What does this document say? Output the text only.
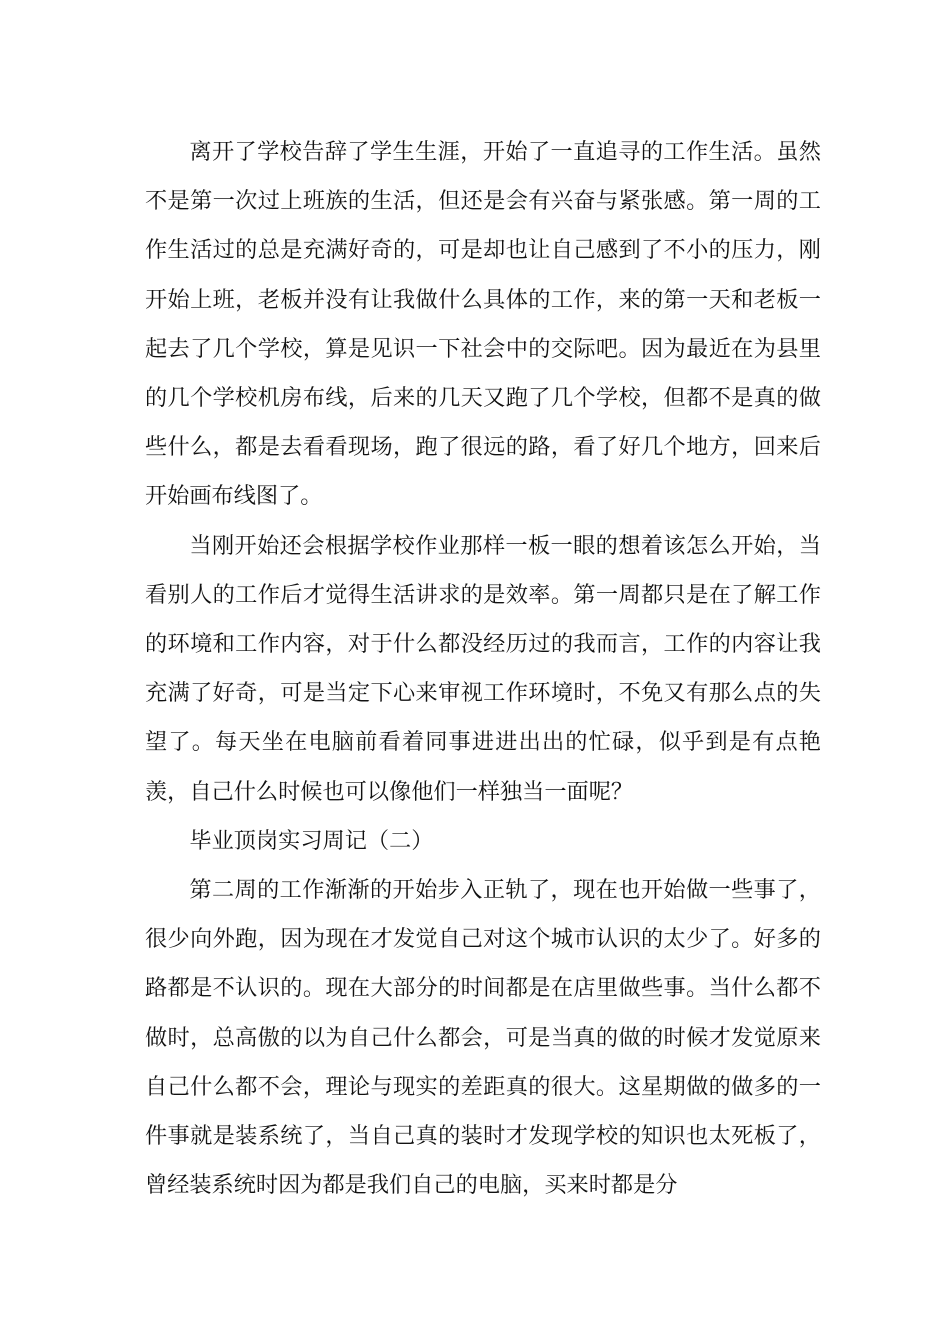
离开了学校告辞了学生生涯，开始了一直追寻的工作生活。虽然不是第一次过上班族的生活，但还是会有兴奋与紧张感。第一周的工作生活过的总是充满好奇的，可是却也让自己感到了不小的压力，刚开始上班，老板并没有让我做什么具体的工作，来的第一天和老板一起去了几个学校，算是见识一下社会中的交际吧。因为最近在为县里的几个学校机房布线，后来的几天又跑了几个学校，但都不是真的做些什么，都是去看看现场，跑了很远的路，看了好几个地方，回来后开始画布线图了。

当刚开始还会根据学校作业那样一板一眼的想着该怎么开始，当看别人的工作后才觉得生活讲求的是效率。第一周都只是在了解工作的环境和工作内容，对于什么都没经历过的我而言，工作的内容让我充满了好奇，可是当定下心来审视工作环境时，不免又有那么点的失望了。每天坐在电脑前看着同事进进出出的忙碌，似乎到是有点艳羡，自己什么时候也可以像他们一样独当一面呢？

毕业顶岗实习周记（二）

第二周的工作渐渐的开始步入正轨了，现在也开始做一些事了，很少向外跑，因为现在才发觉自己对这个城市认识的太少了。好多的路都是不认识的。现在大部分的时间都是在店里做些事。当什么都不做时，总高傲的以为自己什么都会，可是当真的做的时候才发觉原来自己什么都不会，理论与现实的差距真的很大。这星期做的做多的一件事就是装系统了，当自己真的装时才发现学校的知识也太死板了，曾经装系统时因为都是我们自己的电脑，买来时都是分
